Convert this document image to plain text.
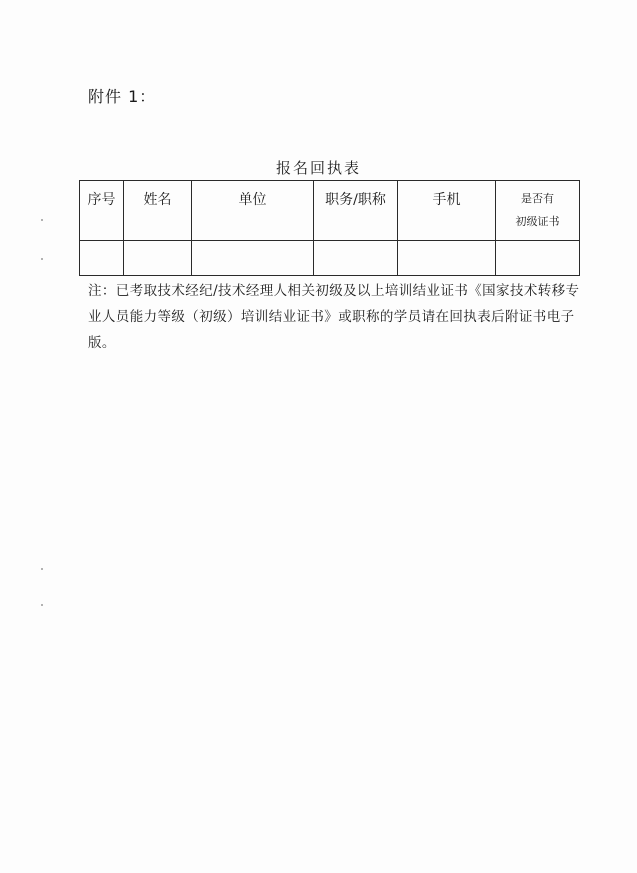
附件 1：
报名回执表
序号	姓名	单位	职务/职称	手机	是否有
初级证书

注：已考取技术经纪/技术经理人相关初级及以上培训结业证书《国家技术转移专业人员能力等级（初级）培训结业证书》或职称的学员请在回执表后附证书电子版。
